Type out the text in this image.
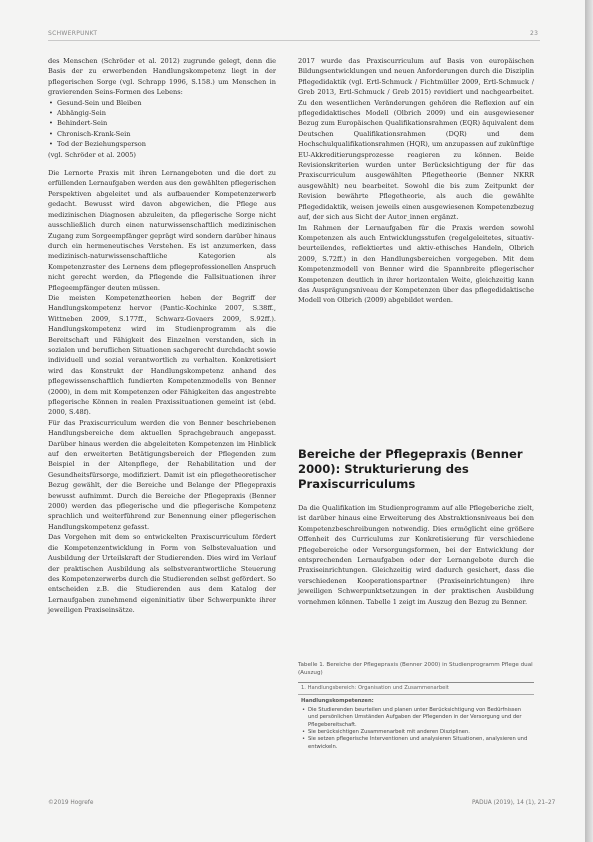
SCHWERPUNKT	23

des Menschen (Schröder et al. 2012) zugrunde gelegt, denn die Basis der zu erwerbenden Handlungskompetenz liegt in der pflegerischen Sorge (vgl. Schrapp 1996, S.158.) um Menschen in gravierenden Seins-Formen des Lebens:

• Gesund-Sein und Bleiben
• Abhängig-Sein
• Behindert-Sein
• Chronisch-Krank-Sein
• Tod der Beziehungsperson

(vgl. Schröder et al. 2005)

Die Lernorte Praxis mit ihren Lernangeboten und die dort zu erfüllenden Lernaufgaben werden aus den gewählten pflegerischen Perspektiven abgeleitet und als aufbauender Kompetenzerwerb gedacht. Bewusst wird davon abgewichen, die Pflege aus medizinischen Diagnosen abzuleiten, da pflegerische Sorge nicht ausschließlich durch einen naturwissenschaftlich medizinischen Zugang zum Sorgeempfänger geprägt wird sondern darüber hinaus durch ein hermeneutisches Verstehen. Es ist anzumerken, dass medizinisch-naturwissenschaftliche Kategorien als Kompetenzraster des Lernens dem pflegeprofessionellen Anspruch nicht gerecht werden, da Pflegende die Fallsituationen ihrer Pflegeempfänger deuten müssen.

Die meisten Kompetenztheorien heben der Begriff der Handlungskompetenz hervor (Pantic-Kochinke 2007, S.38ff., Wittneben 2009, S.177ff., Schwarz-Govaers 2009, S.92ff.). Handlungskompetenz wird im Studienprogramm als die Bereitschaft und Fähigkeit des Einzelnen verstanden, sich in sozialen und beruflichen Situationen sachgerecht durchdacht sowie individuell und sozial verantwortlich zu verhalten. Konkretisiert wird das Konstrukt der Handlungskompetenz anhand des pflegewissenschaftlich fundierten Kompetenzmodells von Benner (2000), in dem mit Kompetenzen oder Fähigkeiten das angestrebte pflegerische Können in realen Praxissituationen gemeint ist (ebd. 2000, S.48f).

Für das Praxiscurriculum werden die von Benner beschriebenen Handlungsbereiche dem aktuellen Sprachgebrauch angepasst. Darüber hinaus werden die abgeleiteten Kompetenzen im Hinblick auf den erweiterten Betätigungsbereich der Pflegenden zum Beispiel in der Altenpflege, der Rehabilitation und der Gesundheitsfürsorge, modifiziert. Damit ist ein pflegetheoretischer Bezug gewählt, der die Bereiche und Belange der Pflegepraxis bewusst aufnimmt. Durch die Bereiche der Pflegepraxis (Benner 2000) werden das pflegerische und die pflegerische Kompetenz sprachlich und weiterführend zur Benennung einer pflegerischen Handlungskompetenz gefasst.

Das Vorgehen mit dem so entwickelten Praxiscurriculum fördert die Kompetenzentwicklung in Form von Selbstevaluation und Ausbildung der Urteilskraft der Studierenden. Dies wird im Verlauf der praktischen Ausbildung als selbstverantwortliche Steuerung des Kompetenzerwerbs durch die Studierenden selbst gefördert. So entscheiden z.B. die Studierenden aus dem Katalog der Lernaufgaben zunehmend eigeninitiativ über Schwerpunkte ihrer jeweiligen Praxiseinsätze.

2017 wurde das Praxiscurriculum auf Basis von europäischen Bildungsentwicklungen und neuen Anforderungen durch die Disziplin Pflegedidaktik (vgl. Ertl-Schmuck / Fichtmüller 2009, Ertl-Schmuck / Greb 2013, Ertl-Schmuck / Greb 2015) revidiert und nachgearbeitet. Zu den wesentlichen Veränderungen gehören die Reflexion auf ein pflegedidaktisches Modell (Olbrich 2009) und ein ausgewiesener Bezug zum Europäischen Qualifikationsrahmen (EQR) äquivalent dem Deutschen Qualifikationsrahmen (DQR) und dem Hochschulqualifikationsrahmen (HQR), um anzupassen auf zukünftige EU-Akkreditierungsprozesse reagieren zu können. Beide Revisionskriterien wurden unter Berücksichtigung der für das Praxiscurriculum ausgewählten Pflegetheorie (Benner NKRR ausgewählt) neu bearbeitet. Sowohl die bis zum Zeitpunkt der Revision bewährte Pflegetheorie, als auch die gewählte Pflegedidaktik, weisen jeweils einen ausgewiesenen Kompetenzbezug auf, der sich aus Sicht der Autor_innen ergänzt.

Im Rahmen der Lernaufgaben für die Praxis werden sowohl Kompetenzen als auch Entwicklungsstufen (regelgeleitetes, situativ-beurteilendes, reflektiertes und aktiv-ethisches Handeln, Olbrich 2009, S.72ff.) in den Handlungsbereichen vorgegeben. Mit dem Kompetenzmodell von Benner wird die Spannbreite pflegerischer Kompetenzen deutlich in ihrer horizontalen Weite, gleichzeitig kann das Ausprägungsniveau der Kompetenzen über das pflegedidaktische Modell von Olbrich (2009) abgebildet werden.

Bereiche der Pflegepraxis (Benner 2000): Strukturierung des Praxiscurriculums

Da die Qualifikation im Studienprogramm auf alle Pflegeberiche zielt, ist darüber hinaus eine Erweiterung des Abstraktionsniveaus bei den Kompetenzbeschreibungen notwendig. Dies ermöglicht eine größere Offenheit des Curriculums zur Konkretisierung für verschiedene Pflegebereiche oder Versorgungsformen, bei der Entwicklung der entsprechenden Lernaufgaben oder der Lernangebote durch die Praxiseinrichtungen. Gleichzeitig wird dadurch gesichert, dass die verschiedenen Kooperationspartner (Praxiseinrichtungen) ihre jeweiligen Schwerpunktsetzungen in der praktischen Ausbildung vornehmen können. Tabelle 1 zeigt im Auszug den Bezug zu Benner.

Tabelle 1. Bereiche der Pflegepraxis (Benner 2000) in Studienprogramm Pflege dual (Auszug)
1. Handlungsbereich: Organisation und Zusammenarbeit
Handlungskompetenzen:
• Die Studierenden beurteilen und planen unter Berücksichtigung von Bedürfnissen und persönlichen Umständen Aufgaben der Pflegenden in der Versorgung und der Pflegebereitschaft.
• Sie berücksichtigen Zusammenarbeit mit anderen Disziplinen.
• Sie setzen pflegerische Interventionen und analysieren Situationen, analysieren und entwickeln.
©2019 Hogrefe	PADUA (2019), 14 (1), 21–27
